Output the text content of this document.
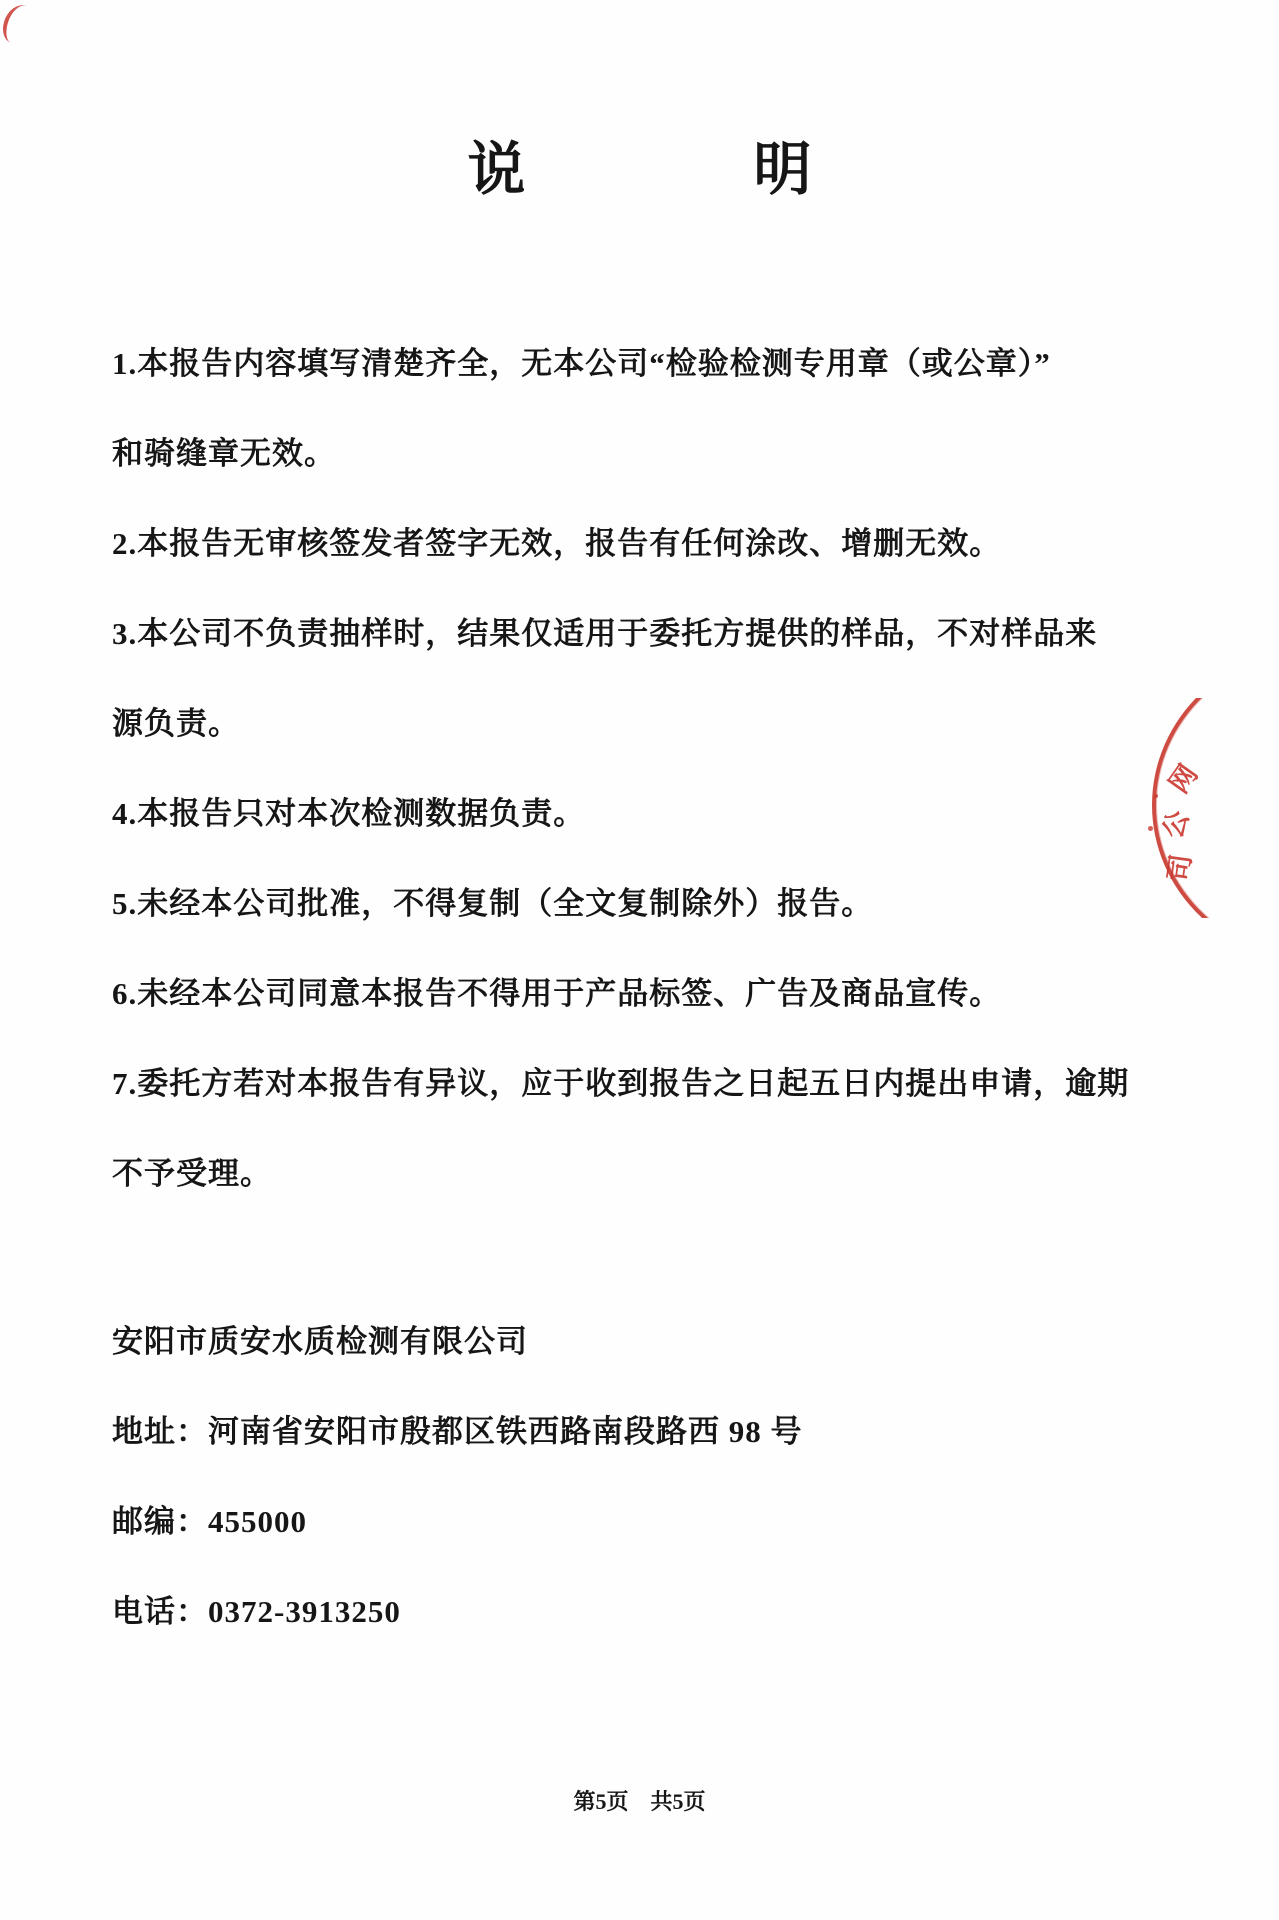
说明
1.本报告内容填写清楚齐全，无本公司“检验检测专用章（或公章）”
和骑缝章无效。
2.本报告无审核签发者签字无效，报告有任何涂改、增删无效。
3.本公司不负责抽样时，结果仅适用于委托方提供的样品，不对样品来
源负责。
4.本报告只对本次检测数据负责。
5.未经本公司批准，不得复制（全文复制除外）报告。
6.未经本公司同意本报告不得用于产品标签、广告及商品宣传。
7.委托方若对本报告有异议，应于收到报告之日起五日内提出申请，逾期
不予受理。
安阳市质安水质检测有限公司
地址：河南省安阳市殷都区铁西路南段路西 98 号
邮编：455000
电话：0372-3913250
第5页 共5页
网
公
司
